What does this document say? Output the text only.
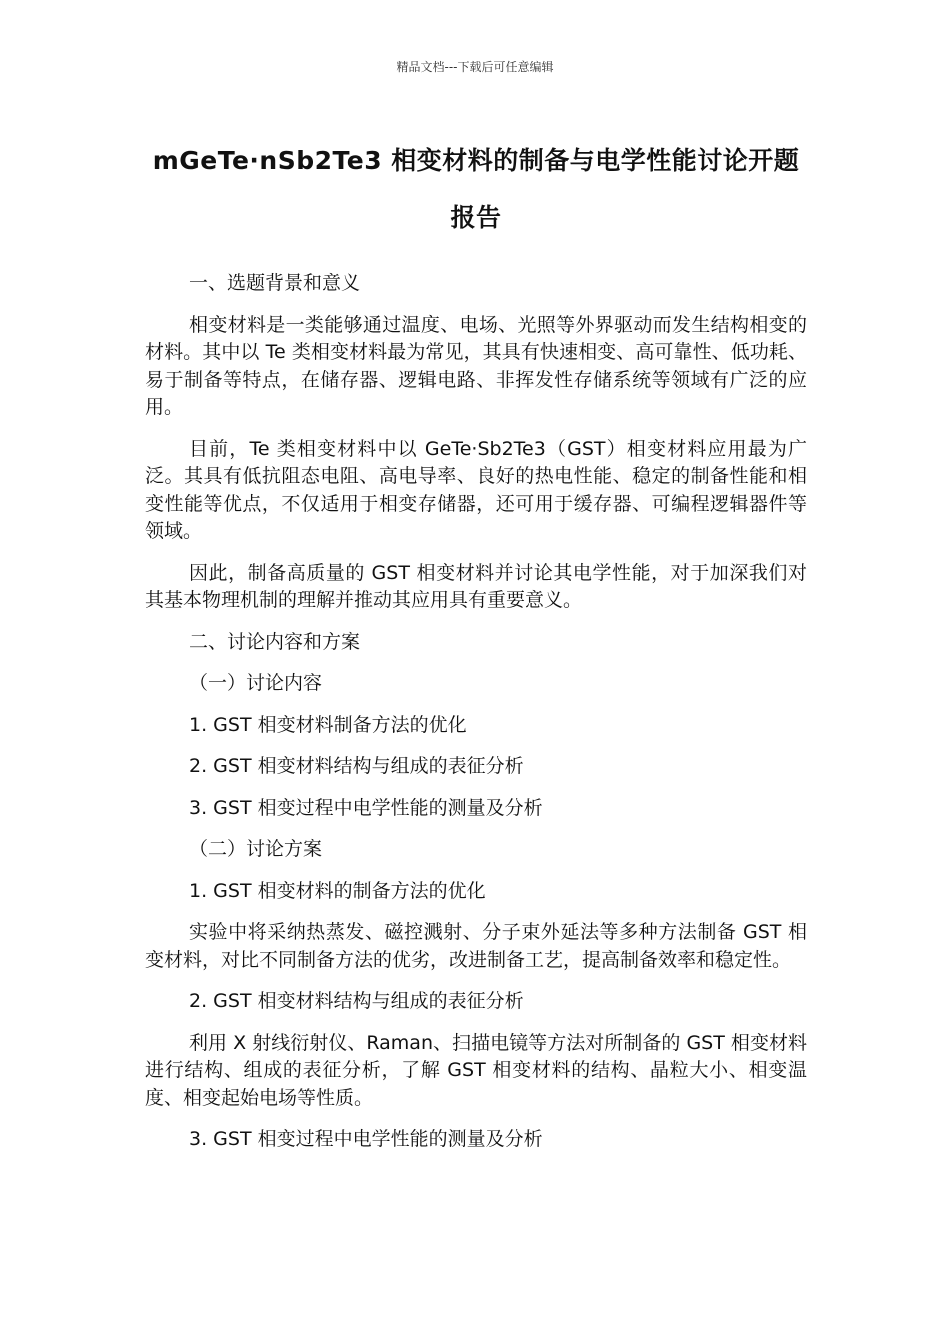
精品文档---下载后可任意编辑
mGeTe·nSb2Te3 相变材料的制备与电学性能讨论开题报告

一、选题背景和意义

相变材料是一类能够通过温度、电场、光照等外界驱动而发生结构相变的材料。其中以 Te 类相变材料最为常见，其具有快速相变、高可靠性、低功耗、易于制备等特点，在储存器、逻辑电路、非挥发性存储系统等领域有广泛的应用。

目前，Te 类相变材料中以 GeTe·Sb2Te3（GST）相变材料应用最为广泛。其具有低抗阻态电阻、高电导率、良好的热电性能、稳定的制备性能和相变性能等优点，不仅适用于相变存储器，还可用于缓存器、可编程逻辑器件等领域。

因此，制备高质量的 GST 相变材料并讨论其电学性能，对于加深我们对其基本物理机制的理解并推动其应用具有重要意义。

二、讨论内容和方案

（一）讨论内容

1. GST 相变材料制备方法的优化

2. GST 相变材料结构与组成的表征分析

3. GST 相变过程中电学性能的测量及分析

（二）讨论方案

1. GST 相变材料的制备方法的优化

实验中将采纳热蒸发、磁控溅射、分子束外延法等多种方法制备 GST 相变材料，对比不同制备方法的优劣，改进制备工艺，提高制备效率和稳定性。

2. GST 相变材料结构与组成的表征分析

利用 X 射线衍射仪、Raman、扫描电镜等方法对所制备的 GST 相变材料进行结构、组成的表征分析，了解 GST 相变材料的结构、晶粒大小、相变温度、相变起始电场等性质。

3. GST 相变过程中电学性能的测量及分析
